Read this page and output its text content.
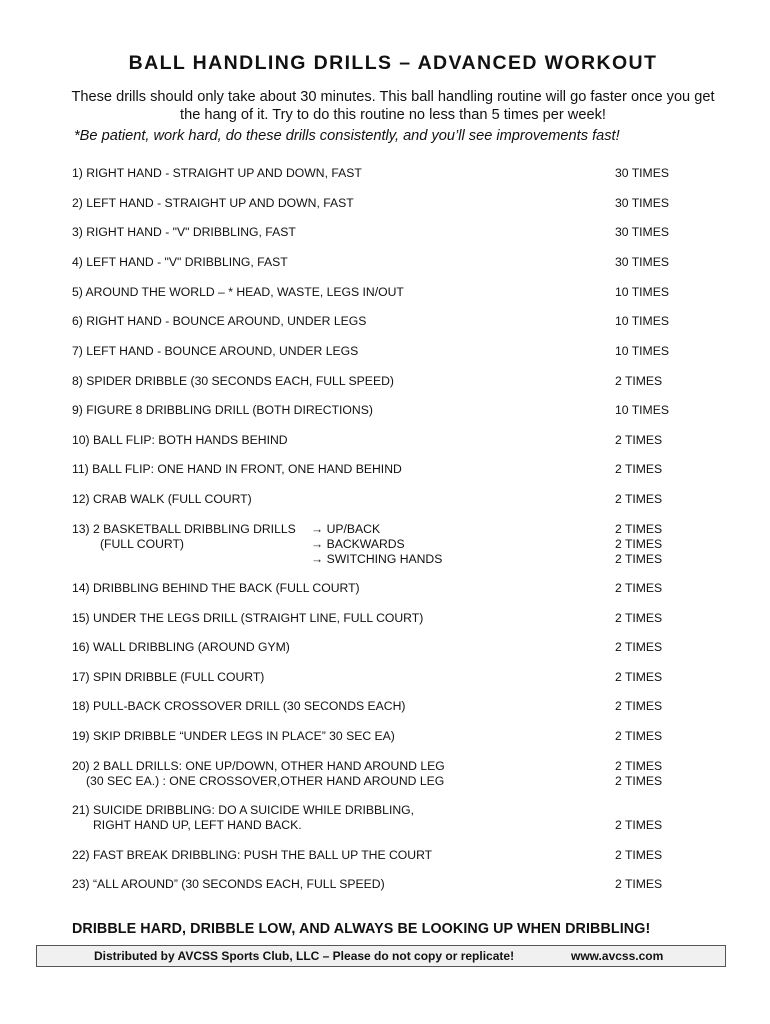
BALL HANDLING DRILLS – ADVANCED WORKOUT
These drills should only take about 30 minutes. This ball handling routine will go faster once you get the hang of it. Try to do this routine no less than 5 times per week!
*Be patient, work hard, do these drills consistently, and you’ll see improvements fast!
1) RIGHT HAND - STRAIGHT UP AND DOWN, FAST	30 TIMES
2) LEFT HAND - STRAIGHT UP AND DOWN, FAST	30 TIMES
3) RIGHT HAND - "V" DRIBBLING, FAST	30 TIMES
4) LEFT HAND - "V" DRIBBLING, FAST	30 TIMES
5) AROUND THE WORLD – * HEAD, WASTE, LEGS IN/OUT	10 TIMES
6) RIGHT HAND - BOUNCE AROUND, UNDER LEGS	10 TIMES
7) LEFT HAND - BOUNCE AROUND, UNDER LEGS	10 TIMES
8) SPIDER DRIBBLE (30 SECONDS EACH, FULL SPEED)	2 TIMES
9) FIGURE 8 DRIBBLING DRILL (BOTH DIRECTIONS)	10 TIMES
10) BALL FLIP: BOTH HANDS BEHIND	2 TIMES
11) BALL FLIP: ONE HAND IN FRONT, ONE HAND BEHIND	2 TIMES
12) CRAB WALK (FULL COURT)	2 TIMES
13) 2 BASKETBALL DRIBBLING DRILLS → UP/BACK	2 TIMES
(FULL COURT)	→ BACKWARDS	2 TIMES
→ SWITCHING HANDS	2 TIMES
14) DRIBBLING BEHIND THE BACK (FULL COURT)	2 TIMES
15) UNDER THE LEGS DRILL (STRAIGHT LINE, FULL COURT)	2 TIMES
16) WALL DRIBBLING (AROUND GYM)	2 TIMES
17) SPIN DRIBBLE (FULL COURT)	2 TIMES
18) PULL-BACK CROSSOVER DRILL (30 SECONDS EACH)	2 TIMES
19) SKIP DRIBBLE “UNDER LEGS IN PLACE” 30 SEC EA)	2 TIMES
20) 2 BALL DRILLS: ONE UP/DOWN, OTHER HAND AROUND LEG	2 TIMES
(30 SEC EA.) : ONE CROSSOVER,OTHER HAND AROUND LEG	2 TIMES
21) SUICIDE DRIBBLING: DO A SUICIDE WHILE DRIBBLING,
RIGHT HAND UP, LEFT HAND BACK.	2 TIMES
22) FAST BREAK DRIBBLING: PUSH THE BALL UP THE COURT	2 TIMES
23) “ALL AROUND” (30 SECONDS EACH, FULL SPEED)	2 TIMES
DRIBBLE HARD, DRIBBLE LOW, AND ALWAYS BE LOOKING UP WHEN DRIBBLING!
Distributed by AVCSS Sports Club, LLC – Please do not copy or replicate!	www.avcss.com
